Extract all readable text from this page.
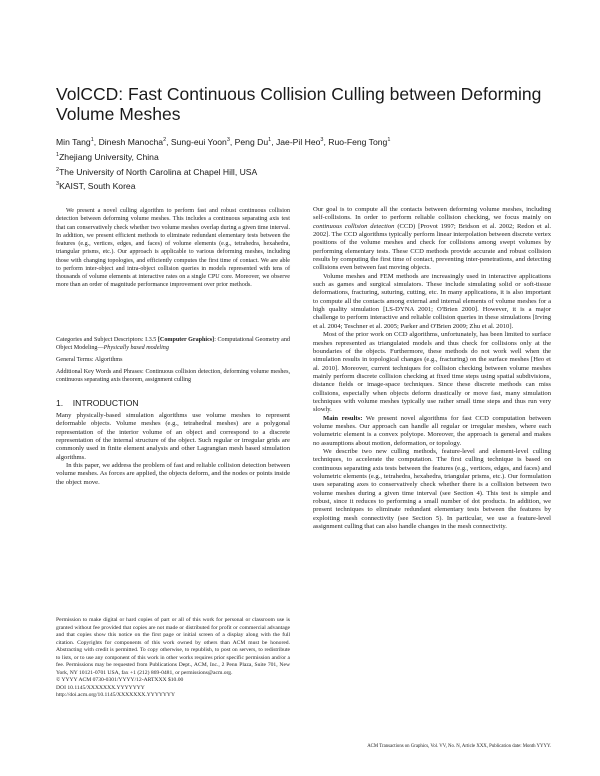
VolCCD: Fast Continuous Collision Culling between Deforming Volume Meshes
Min Tang$^1$, Dinesh Manocha$^2$, Sung-eui Yoon$^3$, Peng Du$^1$, Jae-Pil Heo$^3$, Ruo-Feng Tong$^1$
$^1$Zhejiang University, China
$^2$The University of North Carolina at Chapel Hill, USA
$^3$KAIST, South Korea

We present a novel culling algorithm to perform fast and robust continuous collision detection between deforming volume meshes. This includes a continuous separating axis test that can conservatively check whether two volume meshes overlap during a given time interval. In addition, we present efficient methods to eliminate redundant elementary tests between the features (e.g., vertices, edges, and faces) of volume elements (e.g., tetrahedra, hexahedra, triangular prisms, etc.). Our approach is applicable to various deforming meshes, including those with changing topologies, and efficiently computes the first time of contact. We are able to perform inter-object and intra-object collision queries in models represented with tens of thousands of volume elements at interactive rates on a single CPU core. Moreover, we observe more than an order of magnitude performance improvement over prior methods.

Categories and Subject Descriptors: I.3.5 [Computer Graphics]: Computational Geometry and Object Modeling—Physically based modeling

General Terms: Algorithms

Additional Key Words and Phrases: Continuous collision detection, deforming volume meshes, continuous separating axis theorem, assignment culling

1. INTRODUCTION

Many physically-based simulation algorithms use volume meshes to represent deformable objects. Volume meshes (e.g., tetrahedral meshes) are a polygonal representation of the interior volume of an object and correspond to a discrete representation of the internal structure of the object. Such regular or irregular grids are commonly used in finite element analysis and other Lagrangian mesh based simulation algorithms.

In this paper, we address the problem of fast and reliable collision detection between volume meshes. As forces are applied, the objects deform, and the nodes or points inside the object move.

Permission to make digital or hard copies of part or all of this work for personal or classroom use is granted without fee provided that copies are not made or distributed for profit or commercial advantage and that copies show this notice on the first page or initial screen of a display along with the full citation. Copyrights for components of this work owned by others than ACM must be honored. Abstracting with credit is permitted. To copy otherwise, to republish, to post on servers, to redistribute to lists, or to use any component of this work in other works requires prior specific permission and/or a fee. Permissions may be requested from Publications Dept., ACM, Inc., 2 Penn Plaza, Suite 701, New York, NY 10121-0701 USA, fax +1 (212) 869-0481, or permissions@acm.org.

© YYYY ACM 0730-0301/YYYY/12-ARTXXX $10.00

DOI 10.1145/XXXXXXX.YYYYYYY

http://doi.acm.org/10.1145/XXXXXXX.YYYYYYY

Our goal is to compute all the contacts between deforming volume meshes, including self-collisions. In order to perform reliable collision checking, we focus mainly on continuous collision detection (CCD) [Provot 1997; Bridson et al. 2002; Redon et al. 2002]. The CCD algorithms typically perform linear interpolation between discrete vertex positions of the volume meshes and check for collisions among swept volumes by performing elementary tests. These CCD methods provide accurate and robust collision results by computing the first time of contact, preventing inter-penetrations, and detecting collisions even between fast moving objects.

Volume meshes and FEM methods are increasingly used in interactive applications such as games and surgical simulators. These include simulating solid or soft-tissue deformations, fracturing, suturing, cutting, etc. In many applications, it is also important to compute all the contacts among external and internal elements of volume meshes for a high quality simulation [LS-DYNA 2001; O'Brien 2000]. However, it is a major challenge to perform interactive and reliable collision queries in these simulations [Irving et al. 2004; Teschner et al. 2005; Parker and O'Brien 2009; Zhu et al. 2010].

Most of the prior work on CCD algorithms, unfortunately, has been limited to surface meshes represented as triangulated models and thus check for collisions only at the boundaries of the objects. Furthermore, these methods do not work well when the simulation results in topological changes (e.g., fracturing) on the surface meshes [Heo et al. 2010]. Moreover, current techniques for collision checking between volume meshes mainly perform discrete collision checking at fixed time steps using spatial subdivisions, distance fields or image-space techniques. Since these discrete methods can miss collisions, especially when objects deform drastically or move fast, many simulation techniques with volume meshes typically use rather small time steps and thus run very slowly.

Main results: We present novel algorithms for fast CCD computation between volume meshes. Our approach can handle all regular or irregular meshes, where each volumetric element is a convex polytope. Moreover, the approach is general and makes no assumptions about motion, deformation, or topology.

We describe two new culling methods, feature-level and element-level culling techniques, to accelerate the computation. The first culling technique is based on continuous separating axis tests between the features (e.g., vertices, edges, and faces) and volumetric elements (e.g., tetrahedra, hexahedra, triangular prisms, etc.). Our formulation uses separating axes to conservatively check whether there is a collision between two volume meshes during a given time interval (see Section 4). This test is simple and robust, since it reduces to performing a small number of dot products. In addition, we present techniques to eliminate redundant elementary tests between the features by exploiting mesh connectivity (see Section 5). In particular, we use a feature-level assignment culling that can also handle changes in the mesh connectivity.

ACM Transactions on Graphics, Vol. VV, No. N, Article XXX, Publication date: Month YYYY.
